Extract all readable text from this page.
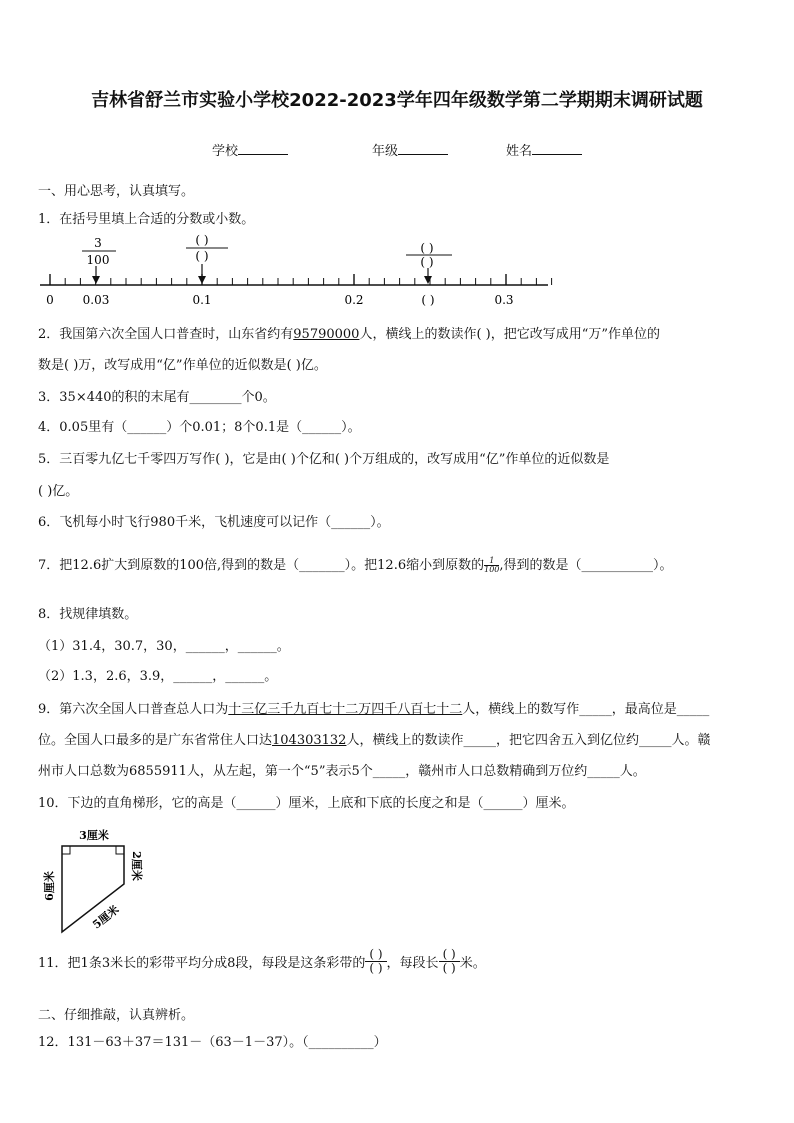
吉林省舒兰市实验小学校2022-2023学年四年级数学第二学期期末调研试题
学校	年级	姓名
一、用心思考，认真填写。
1．在括号里填上合适的分数或小数。
3
100
( )
( )
( )
( )
0 0.03	0.1	0.2	( )	0.3
2．我国第六次全国人口普查时，山东省约有95790000人，横线上的数读作( )，把它改写成用“万”作单位的
数是( )万，改写成用“亿”作单位的近似数是( )亿。
3．35×440的积的末尾有________个0。
4．0.05里有（______）个0.01；8个0.1是（______）。
5．三百零九亿七千零四万写作( )，它是由( )个亿和( )个万组成的，改写成用“亿”作单位的近似数是
( )亿。
6．飞机每小时飞行980千米，飞机速度可以记作（______）。
7．把12.6扩大到原数的100倍,得到的数是（_______）。把12.6缩小到原数的 $\frac{1}{100}$,得到的数是（___________）。
8．找规律填数。
（1）31.4，30.7，30，______，______。
（2）1.3，2.6，3.9，______，______。
9．第六次全国人口普查总人口为十三亿三千九百七十二万四千八百七十二人，横线上的数写作_____，最高位是_____
位。全国人口最多的是广东省常住人口达104303132人，横线上的数读作_____，把它四舍五入到亿位约_____人。赣
州市人口总数为6855911人，从左起，第一个“5”表示5个_____，赣州市人口总数精确到万位约_____人。
10．下边的直角梯形，它的高是（______）厘米，上底和下底的长度之和是（______）厘米。
3厘米
6厘米
2厘米
5厘米
11．把1条3米长的彩带平均分成8段，每段是这条彩带的 $\frac{( )}{( )}$ ，每段长 $\frac{( )}{( )}$ 米。
二、仔细推敲，认真辨析。
12．131－63＋37＝131－（63－1－37）。（__________）
